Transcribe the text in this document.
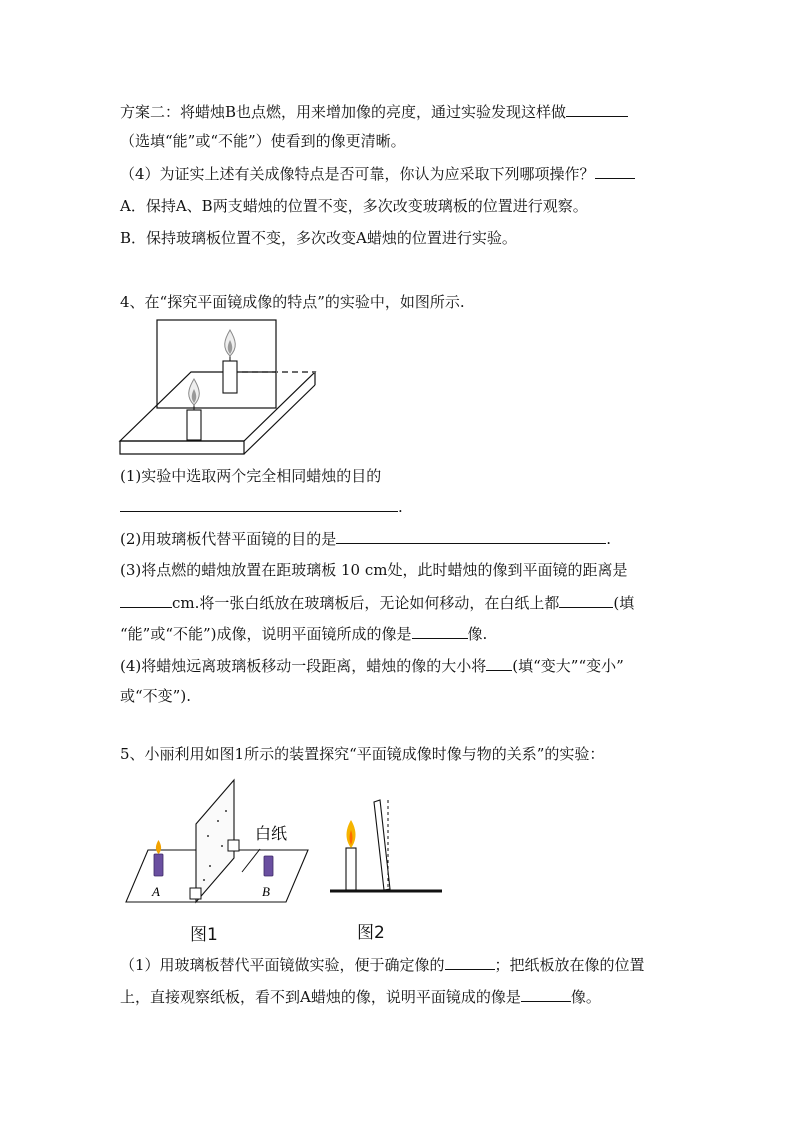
方案二：将蜡烛B也点燃，用来增加像的亮度，通过实验发现这样做
（选填“能”或“不能”）使看到的像更清晰。
（4）为证实上述有关成像特点是否可靠，你认为应采取下列哪项操作？
A．保持A、B两支蜡烛的位置不变，多次改变玻璃板的位置进行观察。
B．保持玻璃板位置不变，多次改变A蜡烛的位置进行实验。
4、在“探究平面镜成像的特点”的实验中，如图所示.
(1)实验中选取两个完全相同蜡烛的目的
.
(2)用玻璃板代替平面镜的目的是	.
(3)将点燃的蜡烛放置在距玻璃板 10 cm处，此时蜡烛的像到平面镜的距离是
cm.将一张白纸放在玻璃板后，无论如何移动，在白纸上都	(填
“能”或“不能”)成像，说明平面镜所成的像是	像.
(4)将蜡烛远离玻璃板移动一段距离，蜡烛的像的大小将 (填“变大”“变小”
或“不变”).
5、小丽利用如图1所示的装置探究“平面镜成像时像与物的关系”的实验：
A	B
白纸
图1	图2
（1）用玻璃板替代平面镜做实验，便于确定像的	；把纸板放在像的位置
上，直接观察纸板，看不到A蜡烛的像，说明平面镜成的像是	像。
